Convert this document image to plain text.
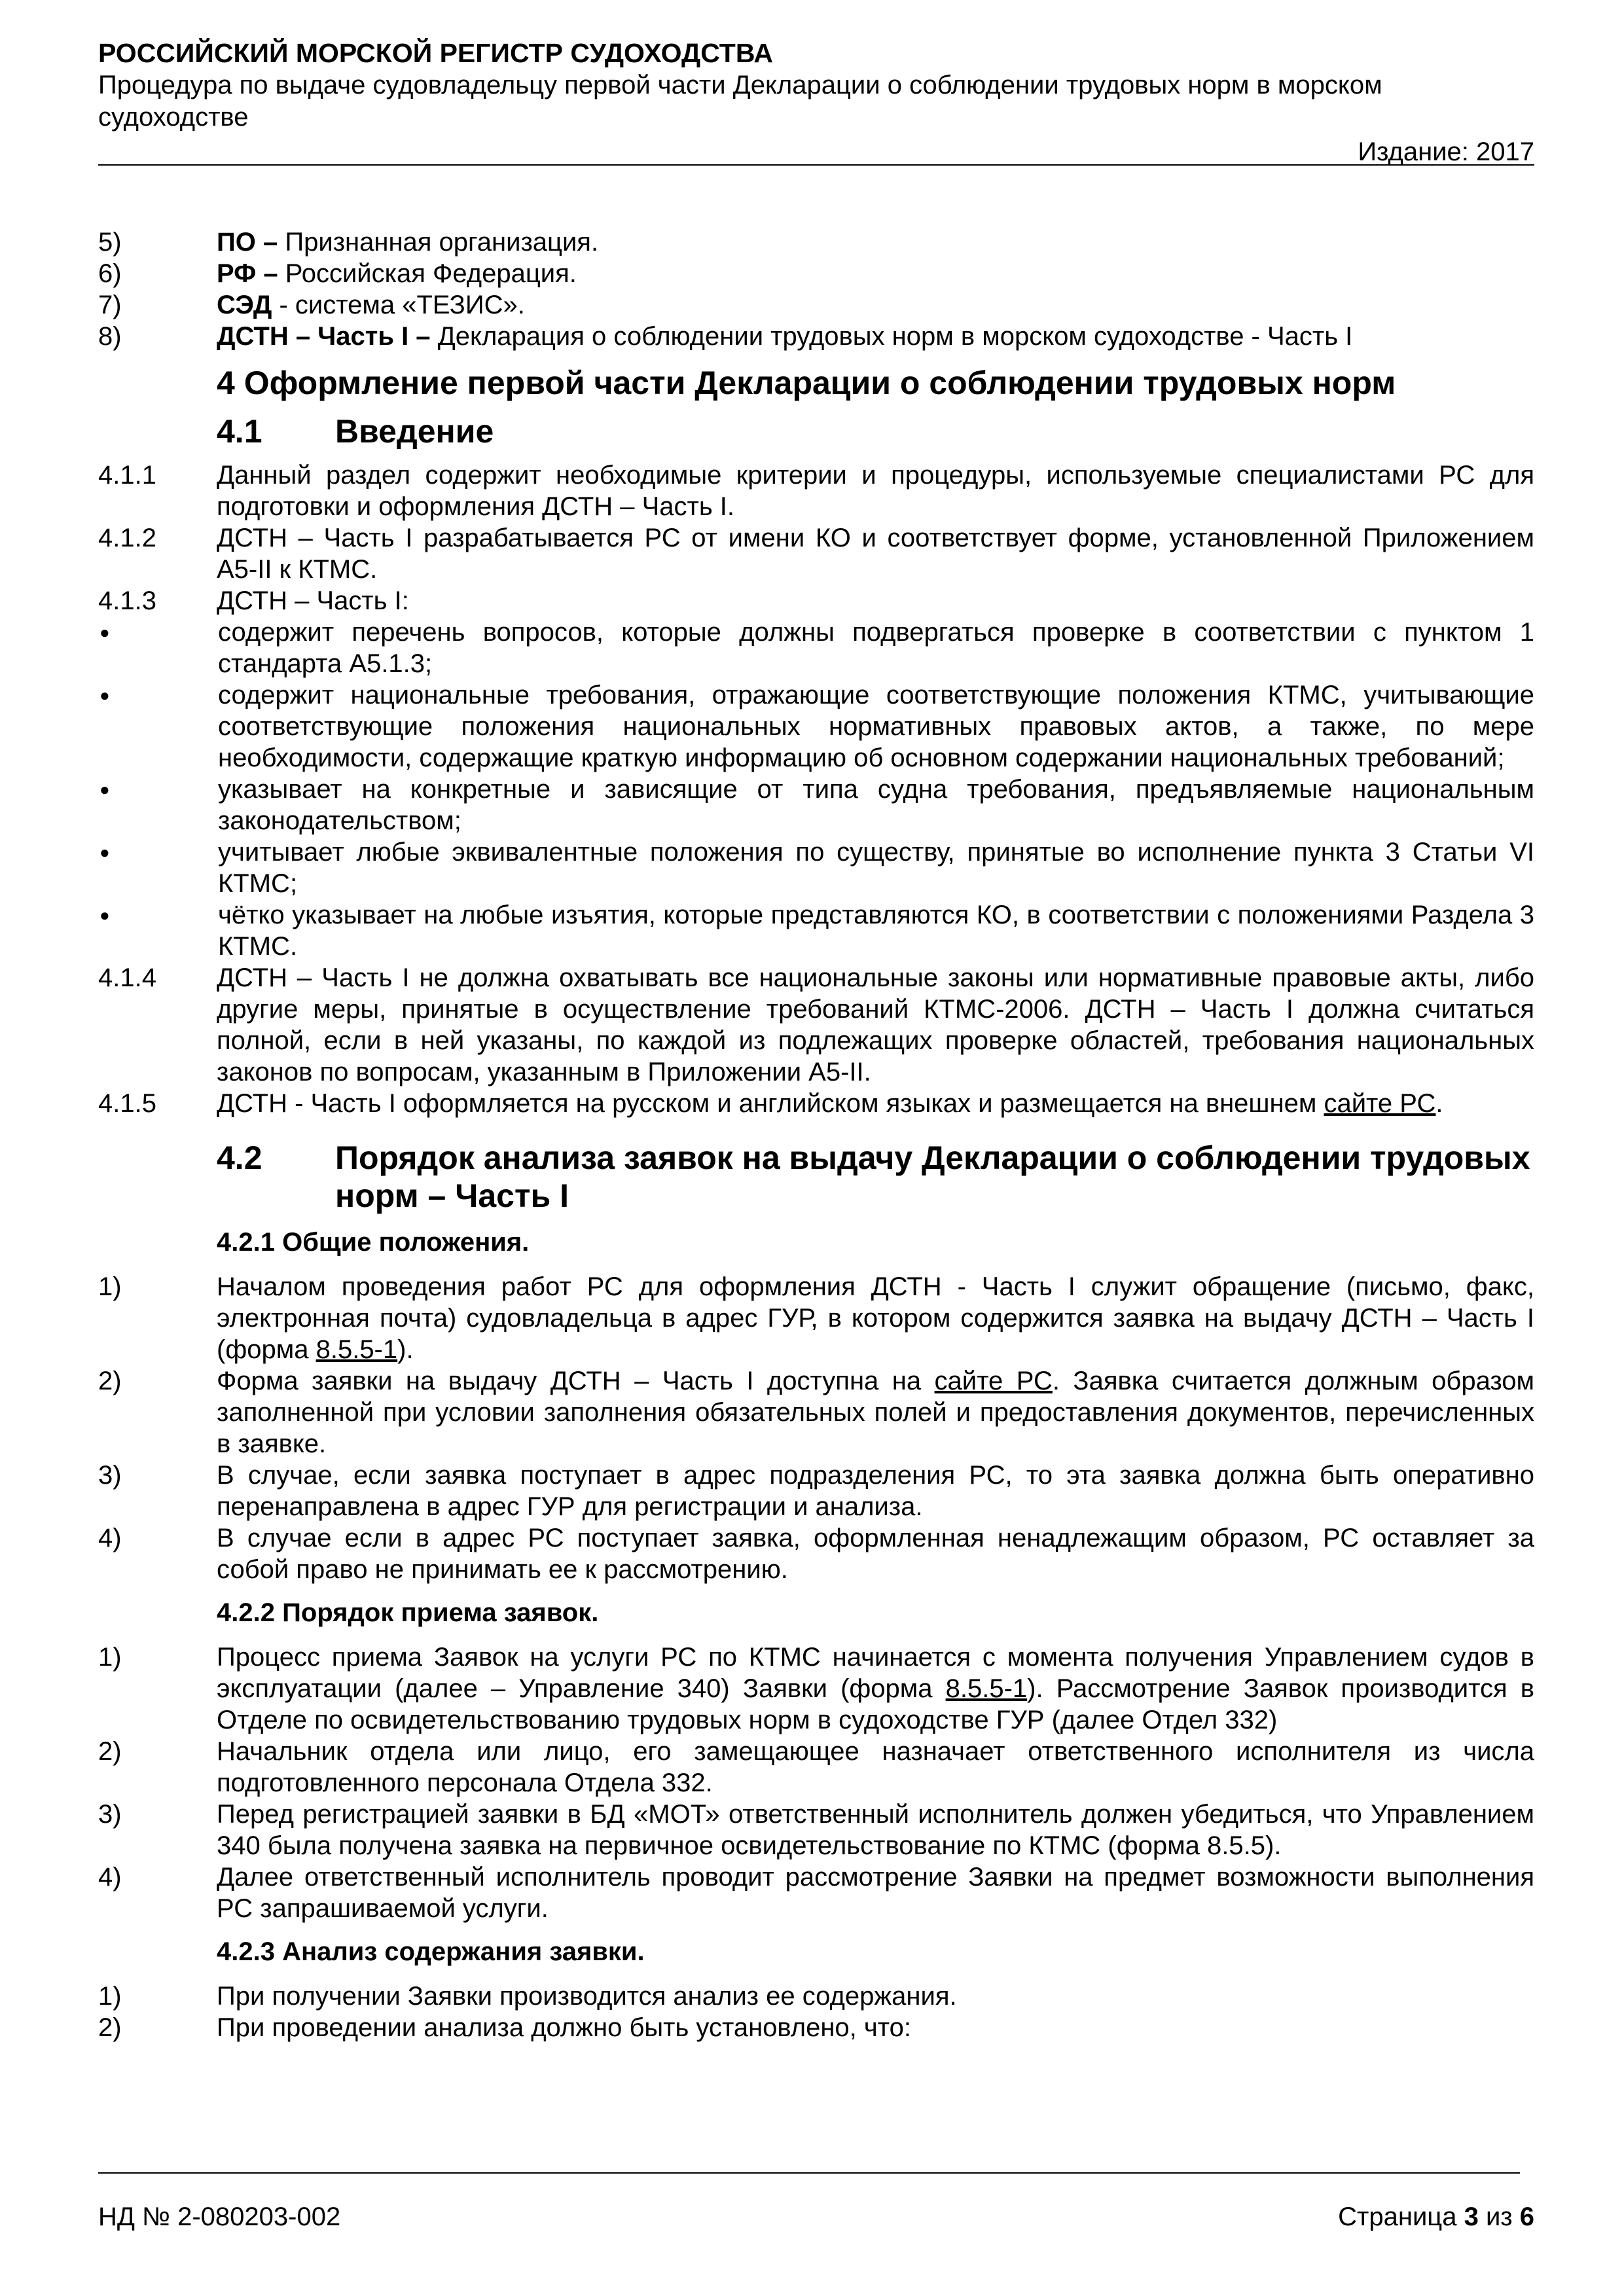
РОССИЙСКИЙ МОРСКОЙ РЕГИСТР СУДОХОДСТВА
Процедура по выдаче судовладельцу первой части Декларации о соблюдении трудовых норм в морском судоходстве
Издание: 2017
5)	ПО – Признанная организация.
6)	РФ – Российская Федерация.
7)	СЭД - система «ТЕЗИС».
8)	ДСТН – Часть I – Декларация о соблюдении трудовых норм в морском судоходстве - Часть I
4 Оформление первой части Декларации о соблюдении трудовых норм
4.1	Введение
4.1.1	Данный раздел содержит необходимые критерии и процедуры, используемые специалистами РС для подготовки и оформления ДСТН – Часть I.
4.1.2	ДСТН – Часть I разрабатывается РС от имени КО и соответствует форме, установленной Приложением А5-II к КТМС.
4.1.3	ДСТН – Часть I:
●	содержит перечень вопросов, которые должны подвергаться проверке в соответствии с пунктом 1 стандарта А5.1.3;
●	содержит национальные требования, отражающие соответствующие положения КТМС, учитывающие соответствующие положения национальных нормативных правовых актов, а также, по мере необходимости, содержащие краткую информацию об основном содержании национальных требований;
●	указывает на конкретные и зависящие от типа судна требования, предъявляемые национальным законодательством;
●	учитывает любые эквивалентные положения по существу, принятые во исполнение пункта 3 Статьи VI КТМС;
●	чётко указывает на любые изъятия, которые представляются КО, в соответствии с положениями Раздела 3 КТМС.
4.1.4	ДСТН – Часть I не должна охватывать все национальные законы или нормативные правовые акты, либо другие меры, принятые в осуществление требований КТМС-2006. ДСТН – Часть I должна считаться полной, если в ней указаны, по каждой из подлежащих проверке областей, требования национальных законов по вопросам, указанным в Приложении А5-II.
4.1.5	ДСТН - Часть I оформляется на русском и английском языках и размещается на внешнем сайте РС.
4.2	Порядок анализа заявок на выдачу Декларации о соблюдении трудовых норм – Часть I
4.2.1 Общие положения.
1)	Началом проведения работ РС для оформления ДСТН - Часть I служит обращение (письмо, факс, электронная почта) судовладельца в адрес ГУР, в котором содержится заявка на выдачу ДСТН – Часть I (форма 8.5.5-1).
2)	Форма заявки на выдачу ДСТН – Часть I доступна на сайте РС. Заявка считается должным образом заполненной при условии заполнения обязательных полей и предоставления документов, перечисленных в заявке.
3)	В случае, если заявка поступает в адрес подразделения РС, то эта заявка должна быть оперативно перенаправлена в адрес ГУР для регистрации и анализа.
4)	В случае если в адрес РС поступает заявка, оформленная ненадлежащим образом, РС оставляет за собой право не принимать ее к рассмотрению.
4.2.2 Порядок приема заявок.
1)	Процесс приема Заявок на услуги РС по КТМС начинается с момента получения Управлением судов в эксплуатации (далее – Управление 340) Заявки (форма 8.5.5-1). Рассмотрение Заявок производится в Отделе по освидетельствованию трудовых норм в судоходстве ГУР (далее Отдел 332)
2)	Начальник отдела или лицо, его замещающее назначает ответственного исполнителя из числа подготовленного персонала Отдела 332.
3)	Перед регистрацией заявки в БД «МОТ» ответственный исполнитель должен убедиться, что Управлением 340 была получена заявка на первичное освидетельствование по КТМС (форма 8.5.5).
4)	Далее ответственный исполнитель проводит рассмотрение Заявки на предмет возможности выполнения РС запрашиваемой услуги.
4.2.3 Анализ содержания заявки.
1)	При получении Заявки производится анализ ее содержания.
2)	При проведении анализа должно быть установлено, что:
НД № 2-080203-002	Страница 3 из 6
